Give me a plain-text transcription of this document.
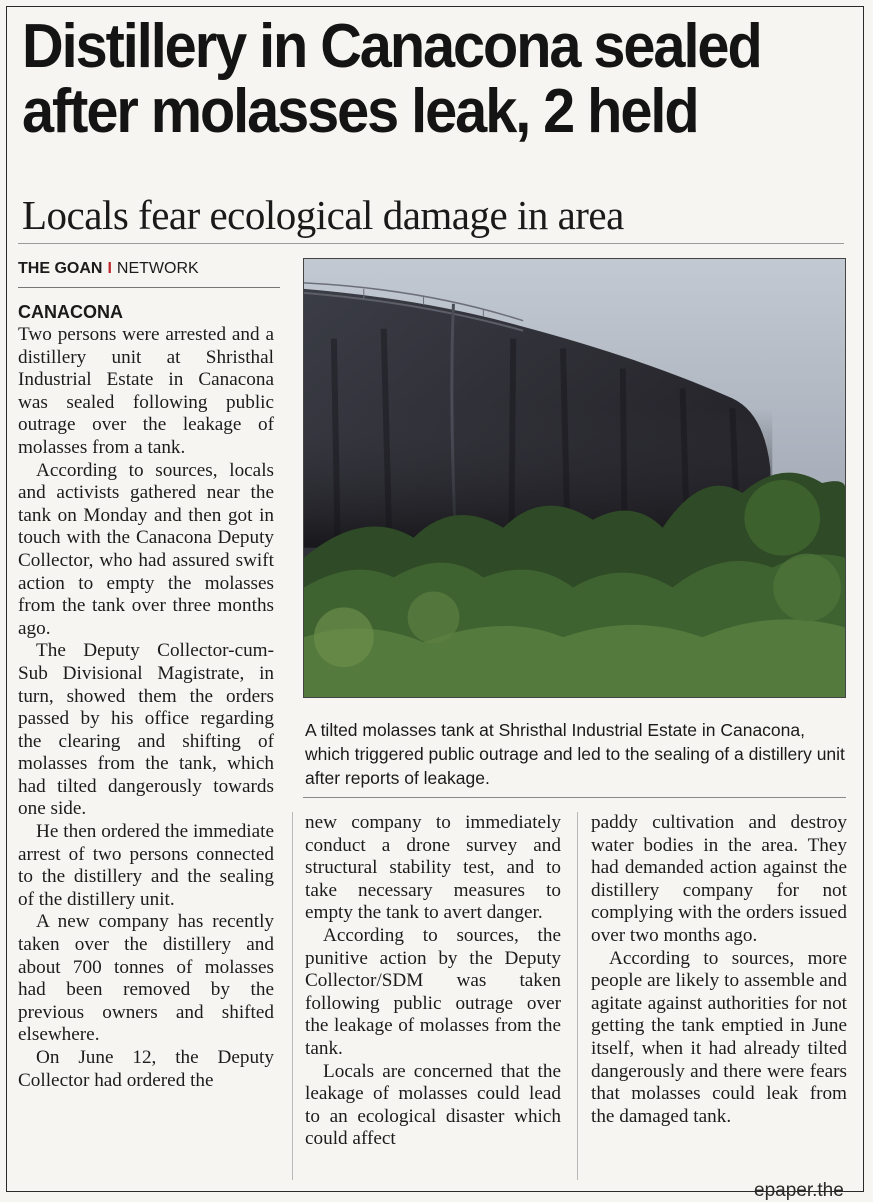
Distillery in Canacona sealed
after molasses leak, 2 held
Locals fear ecological damage in area
THE GOAN I NETWORK
CANACONA

Two persons were arrested and a distillery unit at Shristhal Industrial Estate in Canacona was sealed following public outrage over the leakage of molasses from a tank.

According to sources, locals and activists gathered near the tank on Monday and then got in touch with the Canacona Deputy Collector, who had assured swift action to empty the molasses from the tank over three months ago.

The Deputy Collector-cum-Sub Divisional Magistrate, in turn, showed them the orders passed by his office regarding the clearing and shifting of molasses from the tank, which had tilted dangerously towards one side.

He then ordered the immediate arrest of two persons connected to the distillery and the sealing of the distillery unit.

A new company has recently taken over the distillery and about 700 tonnes of molasses had been removed by the previous owners and shifted elsewhere.

On June 12, the Deputy Collector had ordered the

A tilted molasses tank at Shristhal Industrial Estate in Canacona, which triggered public outrage and led to the sealing of a distillery unit after reports of leakage.

new company to immediately conduct a drone survey and structural stability test, and to take necessary measures to empty the tank to avert danger.

According to sources, the punitive action by the Deputy Collector/SDM was taken following public outrage over the leakage of molasses from the tank.

Locals are concerned that the leakage of molasses could lead to an ecological disaster which could affect

paddy cultivation and destroy water bodies in the area. They had demanded action against the distillery company for not complying with the orders issued over two months ago.

According to sources, more people are likely to assemble and agitate against authorities for not getting the tank emptied in June itself, when it had already tilted dangerously and there were fears that molasses could leak from the damaged tank.

epaper.the
